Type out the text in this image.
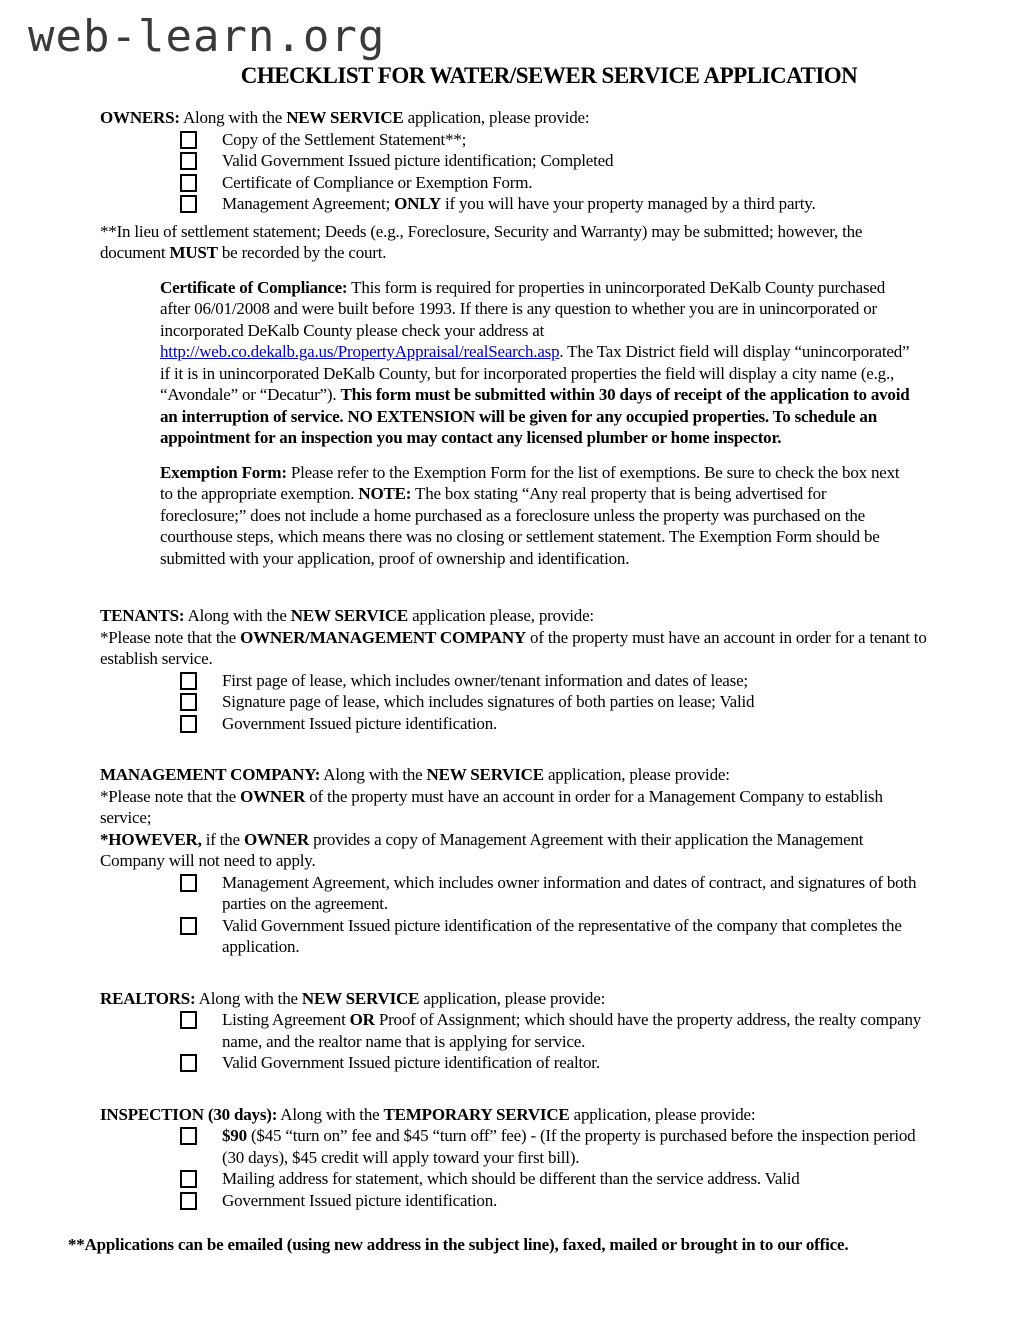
web-learn.org
CHECKLIST FOR WATER/SEWER SERVICE APPLICATION

OWNERS: Along with the NEW SERVICE application, please provide:

Copy of the Settlement Statement**;
Valid Government Issued picture identification; Completed
Certificate of Compliance or Exemption Form.
Management Agreement; ONLY if you will have your property managed by a third party.

**In lieu of settlement statement; Deeds (e.g., Foreclosure, Security and Warranty) may be submitted; however, the document MUST be recorded by the court.

Certificate of Compliance: This form is required for properties in unincorporated DeKalb County purchased after 06/01/2008 and were built before 1993. If there is any question to whether you are in unincorporated or incorporated DeKalb County please check your address at http://web.co.dekalb.ga.us/PropertyAppraisal/realSearch.asp. The Tax District field will display “unincorporated” if it is in unincorporated DeKalb County, but for incorporated properties the field will display a city name (e.g., “Avondale” or “Decatur”). This form must be submitted within 30 days of receipt of the application to avoid an interruption of service. NO EXTENSION will be given for any occupied properties. To schedule an appointment for an inspection you may contact any licensed plumber or home inspector.

Exemption Form: Please refer to the Exemption Form for the list of exemptions. Be sure to check the box next to the appropriate exemption. NOTE: The box stating “Any real property that is being advertised for foreclosure;” does not include a home purchased as a foreclosure unless the property was purchased on the courthouse steps, which means there was no closing or settlement statement. The Exemption Form should be submitted with your application, proof of ownership and identification.

TENANTS: Along with the NEW SERVICE application please, provide:

*Please note that the OWNER/MANAGEMENT COMPANY of the property must have an account in order for a tenant to establish service.

First page of lease, which includes owner/tenant information and dates of lease;
Signature page of lease, which includes signatures of both parties on lease; Valid
Government Issued picture identification.

MANAGEMENT COMPANY: Along with the NEW SERVICE application, please provide:

*Please note that the OWNER of the property must have an account in order for a Management Company to establish service;

*HOWEVER, if the OWNER provides a copy of Management Agreement with their application the Management Company will not need to apply.

Management Agreement, which includes owner information and dates of contract, and signatures of both parties on the agreement.
Valid Government Issued picture identification of the representative of the company that completes the application.

REALTORS: Along with the NEW SERVICE application, please provide:

Listing Agreement OR Proof of Assignment; which should have the property address, the realty company name, and the realtor name that is applying for service.
Valid Government Issued picture identification of realtor.

INSPECTION (30 days): Along with the TEMPORARY SERVICE application, please provide:

$90 ($45 “turn on” fee and $45 “turn off” fee) - (If the property is purchased before the inspection period (30 days), $45 credit will apply toward your first bill).
Mailing address for statement, which should be different than the service address. Valid
Government Issued picture identification.

**Applications can be emailed (using new address in the subject line), faxed, mailed or brought in to our office.
